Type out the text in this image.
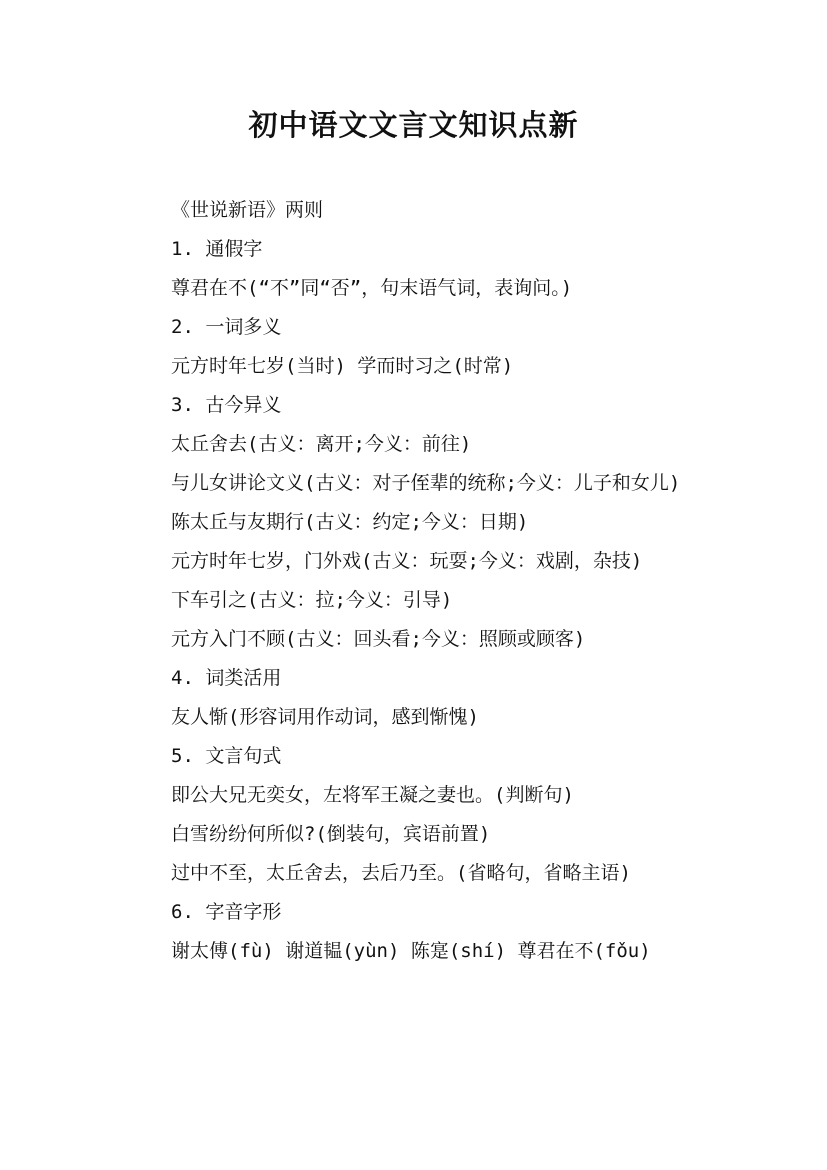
初中语文文言文知识点新

《世说新语》两则

1. 通假字

尊君在不(“不”同“否”，句末语气词，表询问。)

2. 一词多义

元方时年七岁(当时) 学而时习之(时常)

3. 古今异义

太丘舍去(古义：离开;今义：前往)

与儿女讲论文义(古义：对子侄辈的统称;今义：儿子和女儿)

陈太丘与友期行(古义：约定;今义：日期)

元方时年七岁，门外戏(古义：玩耍;今义：戏剧，杂技)

下车引之(古义：拉;今义：引导)

元方入门不顾(古义：回头看;今义：照顾或顾客)

4. 词类活用

友人惭(形容词用作动词，感到惭愧)

5. 文言句式

即公大兄无奕女，左将军王凝之妻也。(判断句)

白雪纷纷何所似?(倒装句，宾语前置)

过中不至，太丘舍去，去后乃至。(省略句，省略主语)

6. 字音字形

谢太傅(fù) 谢道韫(yùn) 陈寔(shí) 尊君在不(fǒu)
